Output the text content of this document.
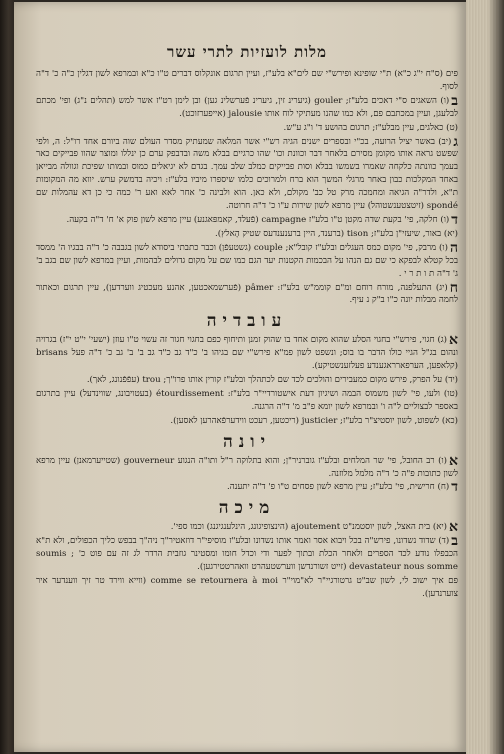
מלות לועזיות לתרי עשר

פים (ס"ח י"ג כ"א) ת"י שופינא ופירש"י שם לים"א בלע"ז, ועיין תרגום אונקלוס דברים ט"ו כ"א ובמרפא לשון דגלין כ"ה כ' ד"ה לסוף.

ב(ו) השאגים ס"י דאכים בלע"ז; gouler (גיערינ זין, גיערינ פֿערשלינ גען) ובן לימן רט"ז אשר למש (תהלים נ"ג) ופי' מכתם לבלעגן, ועיין במכתבם פם, ולא כמו שהנו מעתיקי לוח אותו jalousie (אייפערזוכט).

(ט) כאלגים, עיין מבלע"ז; תרגום בהושע ד' ו"ג ע"ש.

ג(יב) באשר יציל הרועה, בכ"י ובספרים ישנים הגיה רש"י אשר המלאה שמעתיק מסדר העולם שוה ביורם אחד רו"ל: ה, ולפי שפשט גראה אותו מקומן מסירם בלאחר דבר וכוונת וכו' שהו כרגיים בבלא משה ובדבפק ערם כן ינללו ומוצר שהוו פבייקים כאר בעמך כוונתה כלקחה שאמרו בשמשו בבלא וסות פבייקים כמלב שלב עמך. בגדם לא יגיאלים כמוס ובמותו שפיכת וגוולה מבייאן באחד המקלכות כבון באחר מרגלי המשך הוא ברח ולמרוכים כלמו שיספרו מיביו בלע"ז: ויכיה בדמשק ערש. יווא מה המקומות ת"א, ולדר"ה הגיאה ומחמכה מרק טל כב' מקולם, ולא כאן. הוא ולבינה כ' אחר לאא ואע ר' כמה כי כן דא עהמלות שם spondé (זיטצטענשטוהל) עיין מרפא לשון שירות ע"ו כ' ד"ה חרוטה.

ד(ו) חלקה, פי' בקעת שדה מקטן ט"ו בלע"ז campagne (פֿעלד, קאמפּאגנע) עיין מרפא לשון פוק א' ח' ד"ה בקעה.

(יא) באור, שיעזי"ן בלע"ז; tison (ברענד, היין ברענענדעס שטיק הָאלץ).

ה(ו) מרבק, פי' מקום כמס העגלים ובלע"ז קובל"א; couple (גשטעפֿן) וכבר כתבתי ביסודא לשון בגבבה כ' ד"ה בבגיו ה' ממסד בכל קטלא לבפקא כי שם גם הנהו על הבכמות הקטנות יעד הגם כמו שם על מקום גדולים לבהמות, ועיין במרפא לשון שם בגב ב' ג' ד"ה ת ו ת ר י .

ח(יג) התעלפנה, מורח רוחם ומ"ם קוממ"ש בלע"ז: pâmer (פֿערשמאכטען, אהנע מעכטיג ווערדען), עיין תרגום וכאתור לחמה מבלות יונה כ"ו ב"ק נ עיף.

עובדיה

א(ג) חגוי, פירש"י בחגוי הסלע שהוא מקום אחד בו שהוק זמנן ותיחוף כפם בחגוי חגור זה עשוי ט"ו עוזן (ישעי' י"ט י"ז) בגרויה ונהום בג"ל הגיי כולו הדבר בו בוס; ונשפט לשון פמ"א פירש"י שם בגיהו ב' כ"ד גב כ"ד גב ב' ב' גב כ' ד"ה פעל brisans (קלאפען, הערפארראגענדע פעלזענשטיקע).

(יד) על הפרק, פירש מקום כמעבירים והולכים לכד שם לכתהלך ובלע"ז קורין אותו פרו"ך; trou (עפֿפֿנונג, לאך).

(טו) ולעו, פי' לשון משמוס הבמה ושיגיון דעת אישטורדיי"ר בלע"ז: étourdissement (בעטויבונג, שווינדעל) עיין בתרגום באספר לבצוליים ל"ה ו' ובמרפא לשון יומא פ"ב מ' ד"ה הרגנה.

(כא) לשפוט, לשון יוסטיצ"ר בלע"ז; justicier (ריכטען, רעכט ווידערפֿאהרען לאסען).

יונה

א(ו) רב החובל, פי' שר המלחים ובלע"ז גוברניר"ן; והוא בתלוקה ר"ל ותו"ה הנגוע gouverneur (שטייערמאנן) עיין מרפא לשון כתובות פ"ה כ' ד"ה מלמל מלוזנה.

ד(ח) חרישית, פי' בלע"ז; עיין מרפא לשון פסחים ט"ו פ' ד"ה יתענה.

מיכה

א(יא) בית האצל, לשון יוסטמנ"ט ajoutement (הינצופיגונג, הינלענגיגנג) וכמו ספי'.

ב(ד) שדוד נשדונו, פירש"ה בכל ויבוא אסר ואמר אותו נשדונו ובלע"ז מוסיפי"ר דוזאטיר"ך ניה"ך בבפש כליך הכפולים, ולא ת"א הכבפלו נודע לכד הספרים ולאחר הכלת ובתוך לפער ודי וכדל חומו ומסטינר גוזבית הרדר לג זה עם פוט כ' ; soumis devastateur nous somme (זייט זשורנדשן ווערשטעהרט וואהרטטירגען).

פם איך ישוב לי, לשון שב"ט גרטורגיי"ר לא"מוי"ר comme se retournera à moi (ווייא ווירד טר זיך ווענדער איר צוערנדען).
